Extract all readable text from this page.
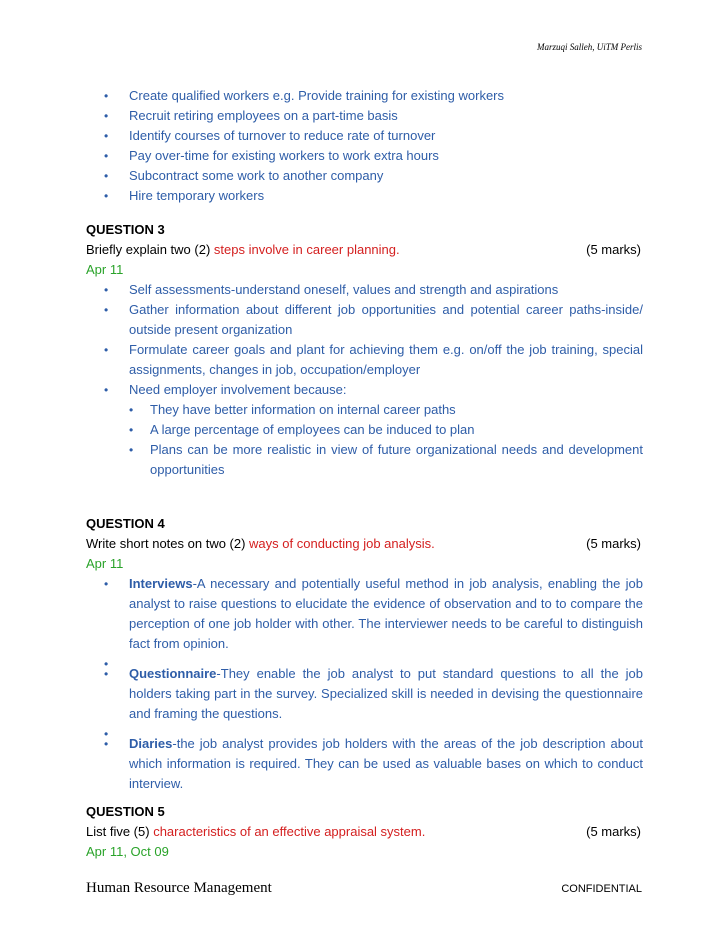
Marzuqi Salleh, UiTM Perlis
• Create qualified workers e.g. Provide training for existing workers
• Recruit retiring employees on a part-time basis
• Identify courses of turnover to reduce rate of turnover
• Pay over-time for existing workers to work extra hours
• Subcontract some work to another company
• Hire temporary workers
QUESTION 3
Briefly explain two (2) steps involve in career planning.	(5 marks)
Apr 11
• Self assessments-understand oneself, values and strength and aspirations
• Gather information about different job opportunities and potential career paths-inside/ outside present organization
• Formulate career goals and plant for achieving them e.g. on/off the job training, special assignments, changes in job, occupation/employer
• Need employer involvement because:
• They have better information on internal career paths
• A large percentage of employees can be induced to plan
• Plans can be more realistic in view of future organizational needs and development opportunities
QUESTION 4
Write short notes on two (2) ways of conducting job analysis.	(5 marks)
Apr 11
• Interviews-A necessary and potentially useful method in job analysis, enabling the job analyst to raise questions to elucidate the evidence of observation and to to compare the perception of one job holder with other. The interviewer needs to be careful to distinguish fact from opinion.
•
• Questionnaire-They enable the job analyst to put standard questions to all the job holders taking part in the survey. Specialized skill is needed in devising the questionnaire and framing the questions.
•
• Diaries-the job analyst provides job holders with the areas of the job description about which information is required. They can be used as valuable bases on which to conduct interview.
QUESTION 5
List five (5) characteristics of an effective appraisal system.	(5 marks)
Apr 11, Oct 09
Human Resource Management	CONFIDENTIAL
